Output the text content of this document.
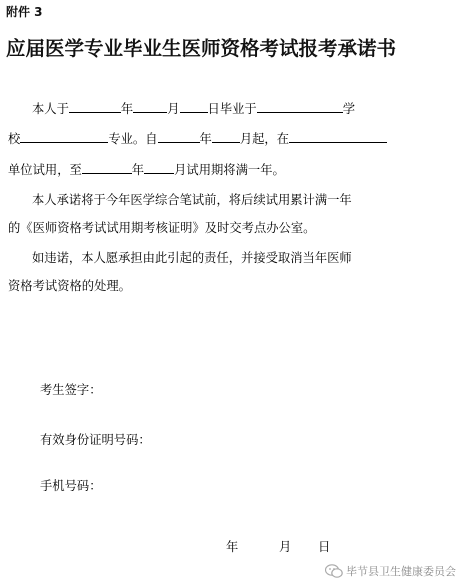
附件 3
应届医学专业毕业生医师资格考试报考承诺书
本人于	年	月 日毕业于	学
校	专业。自	年 月起，在
单位试用，至	年 月试用期将满一年。
本人承诺将于今年医学综合笔试前，将后续试用累计满一年
的《医师资格考试试用期考核证明》及时交考点办公室。
如违诺，本人愿承担由此引起的责任，并接受取消当年医师
资格考试资格的处理。
考生签字：
有效身份证明号码：
手机号码：
年	月 日
毕节县卫生健康委员会
